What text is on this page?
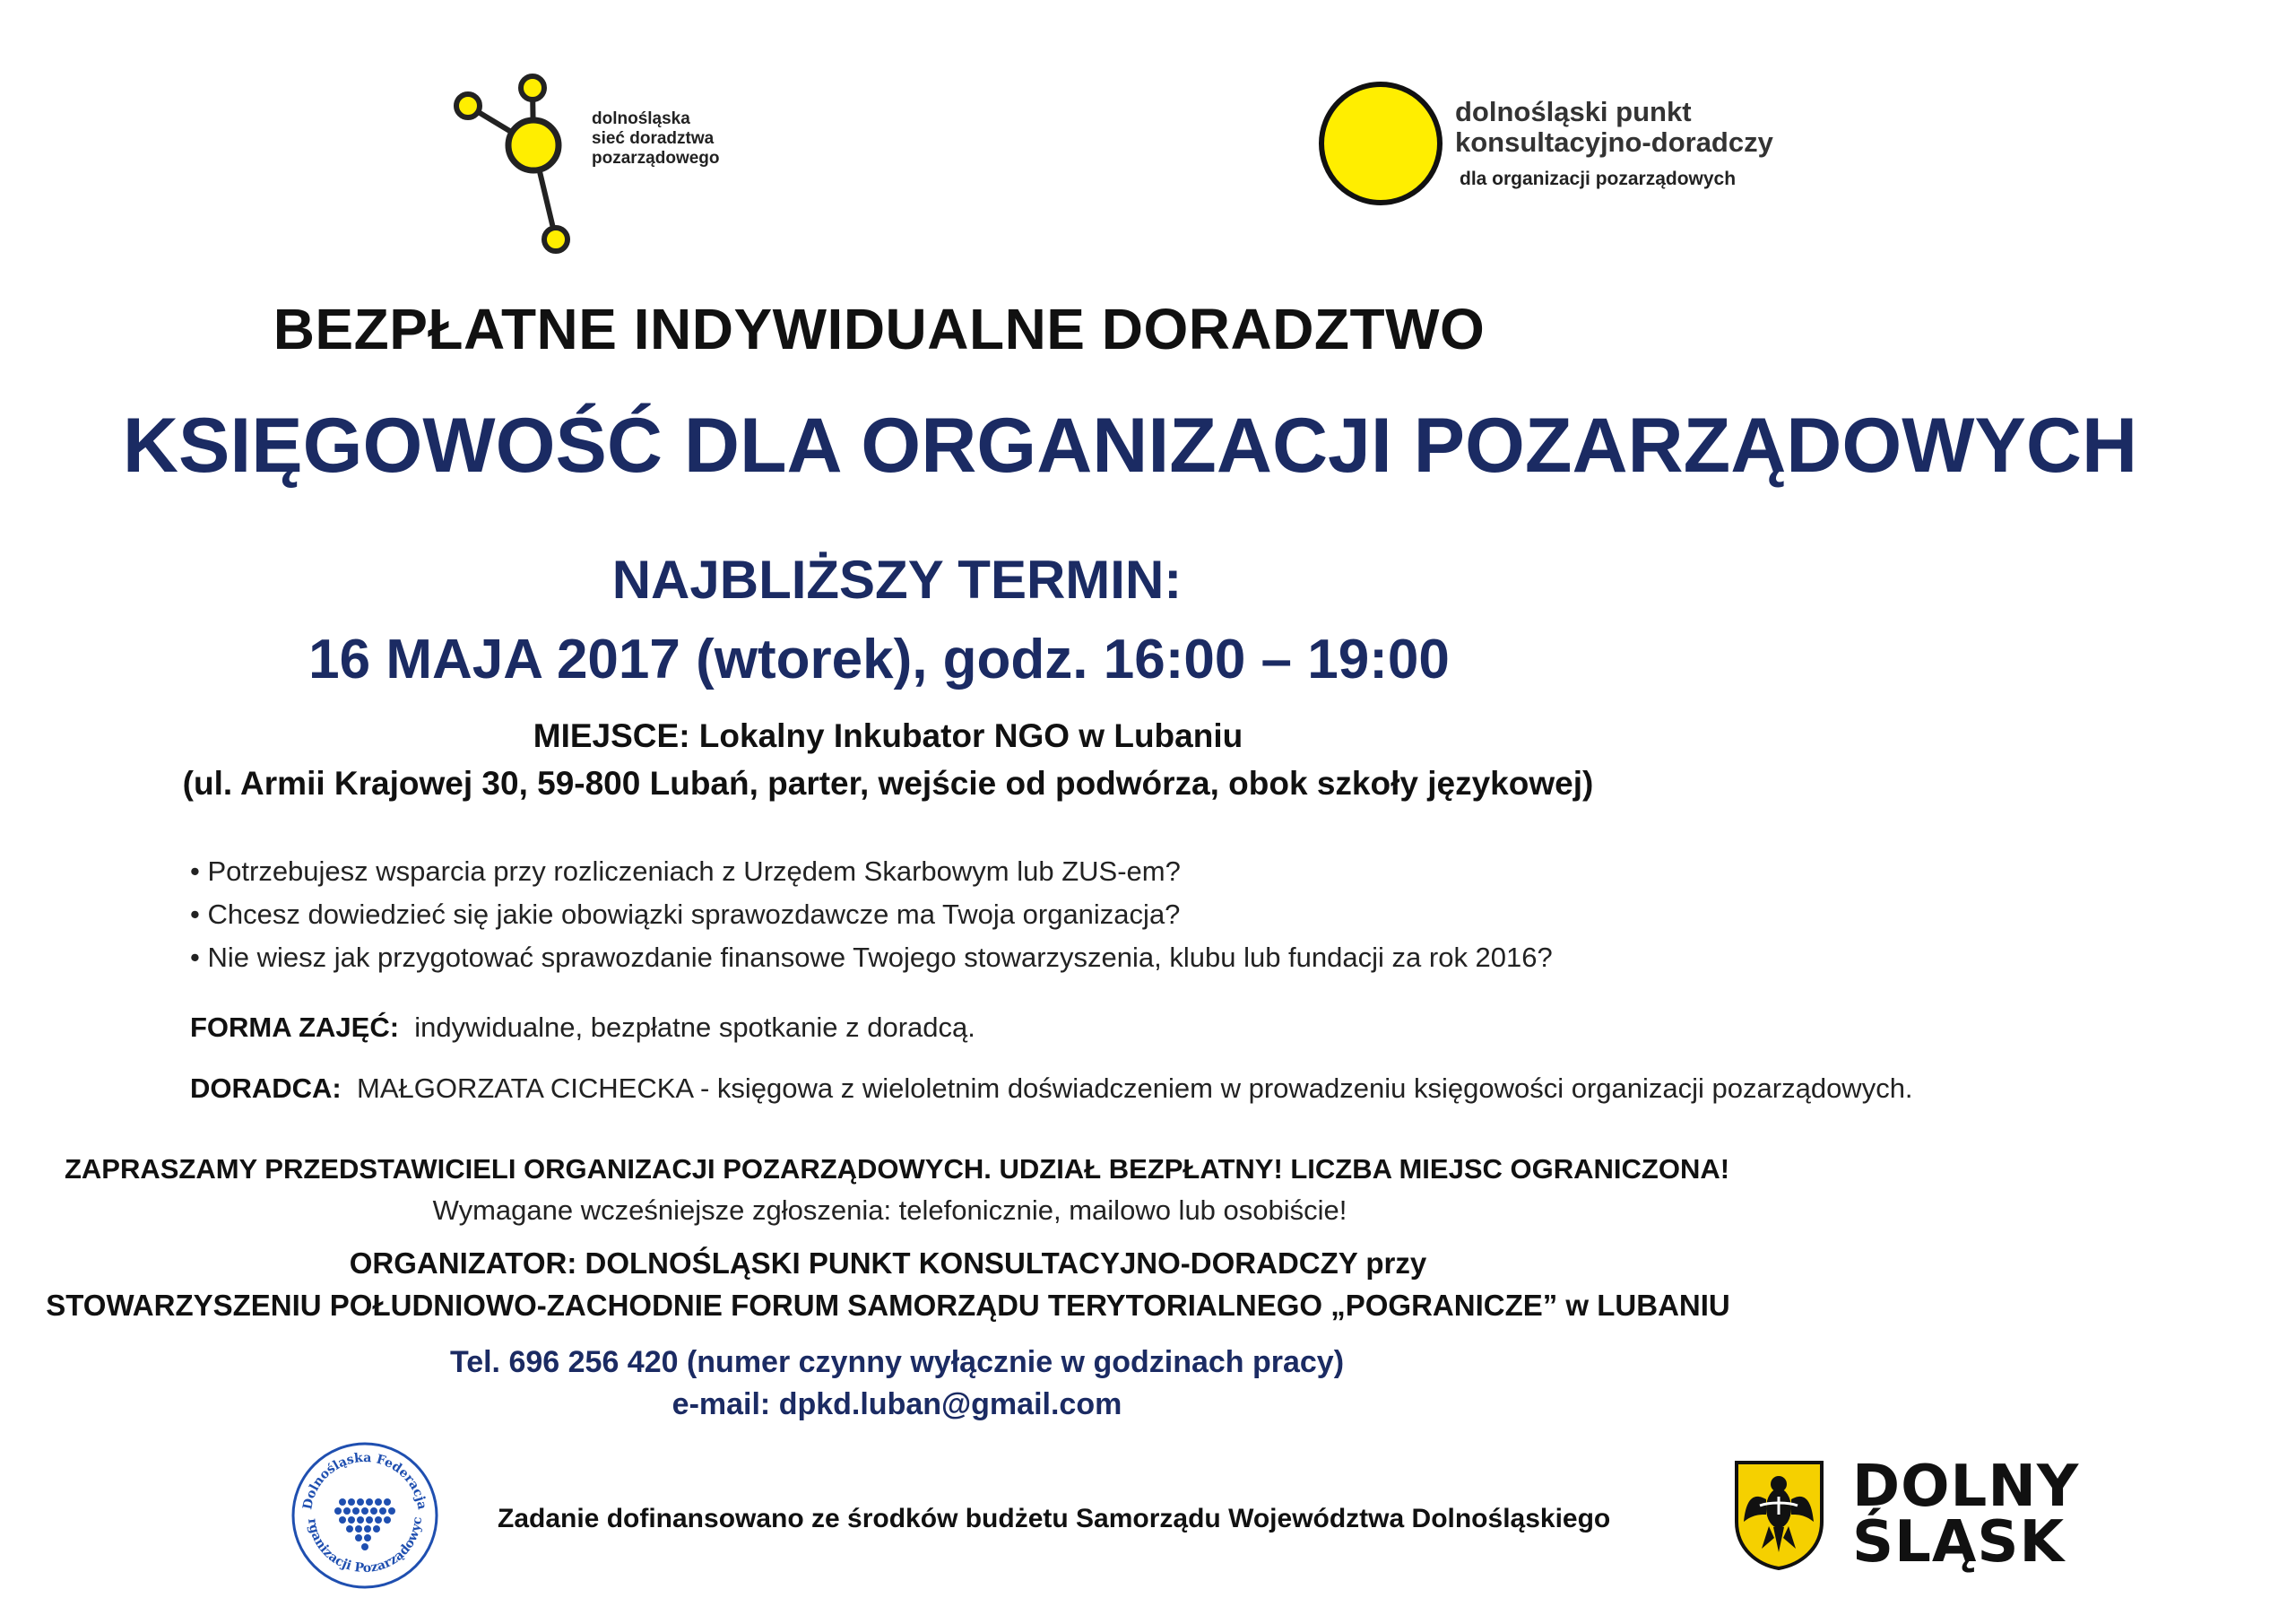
dolnośląska
sieć doradztwa
pozarządowego
dolnośląski punkt
konsultacyjno-doradczy
dla organizacji pozarządowych
BEZPŁATNE INDYWIDUALNE DORADZTWO
KSIĘGOWOŚĆ DLA ORGANIZACJI POZARZĄDOWYCH
NAJBLIŻSZY TERMIN:
16 MAJA 2017 (wtorek), godz. 16:00 – 19:00
MIEJSCE: Lokalny Inkubator NGO w Lubaniu
(ul. Armii Krajowej 30, 59-800 Lubań, parter, wejście od podwórza, obok szkoły językowej)
• Potrzebujesz wsparcia przy rozliczeniach z Urzędem Skarbowym lub ZUS-em?
• Chcesz dowiedzieć się jakie obowiązki sprawozdawcze ma Twoja organizacja?
• Nie wiesz jak przygotować sprawozdanie finansowe Twojego stowarzyszenia, klubu lub fundacji za rok 2016?
FORMA ZAJĘĆ: indywidualne, bezpłatne spotkanie z doradcą.
DORADCA: MAŁGORZATA CICHECKA - księgowa z wieloletnim doświadczeniem w prowadzeniu księgowości organizacji pozarządowych.
ZAPRASZAMY PRZEDSTAWICIELI ORGANIZACJI POZARZĄDOWYCH. UDZIAŁ BEZPŁATNY! LICZBA MIEJSC OGRANICZONA!
Wymagane wcześniejsze zgłoszenia: telefonicznie, mailowo lub osobiście!
ORGANIZATOR: DOLNOŚLĄSKI PUNKT KONSULTACYJNO-DORADCZY przy
STOWARZYSZENIU POŁUDNIOWO-ZACHODNIE FORUM SAMORZĄDU TERYTORIALNEGO „POGRANICZE” w LUBANIU
Tel. 696 256 420 (numer czynny wyłącznie w godzinach pracy)
e-mail: dpkd.luban@gmail.com
Dolnośląska Federacja
rganizacji Pozarządowyc	Zadanie dofinansowano ze środków budżetu Samorządu Województwa Dolnośląskiego	DOLNY
ŚLĄSK
